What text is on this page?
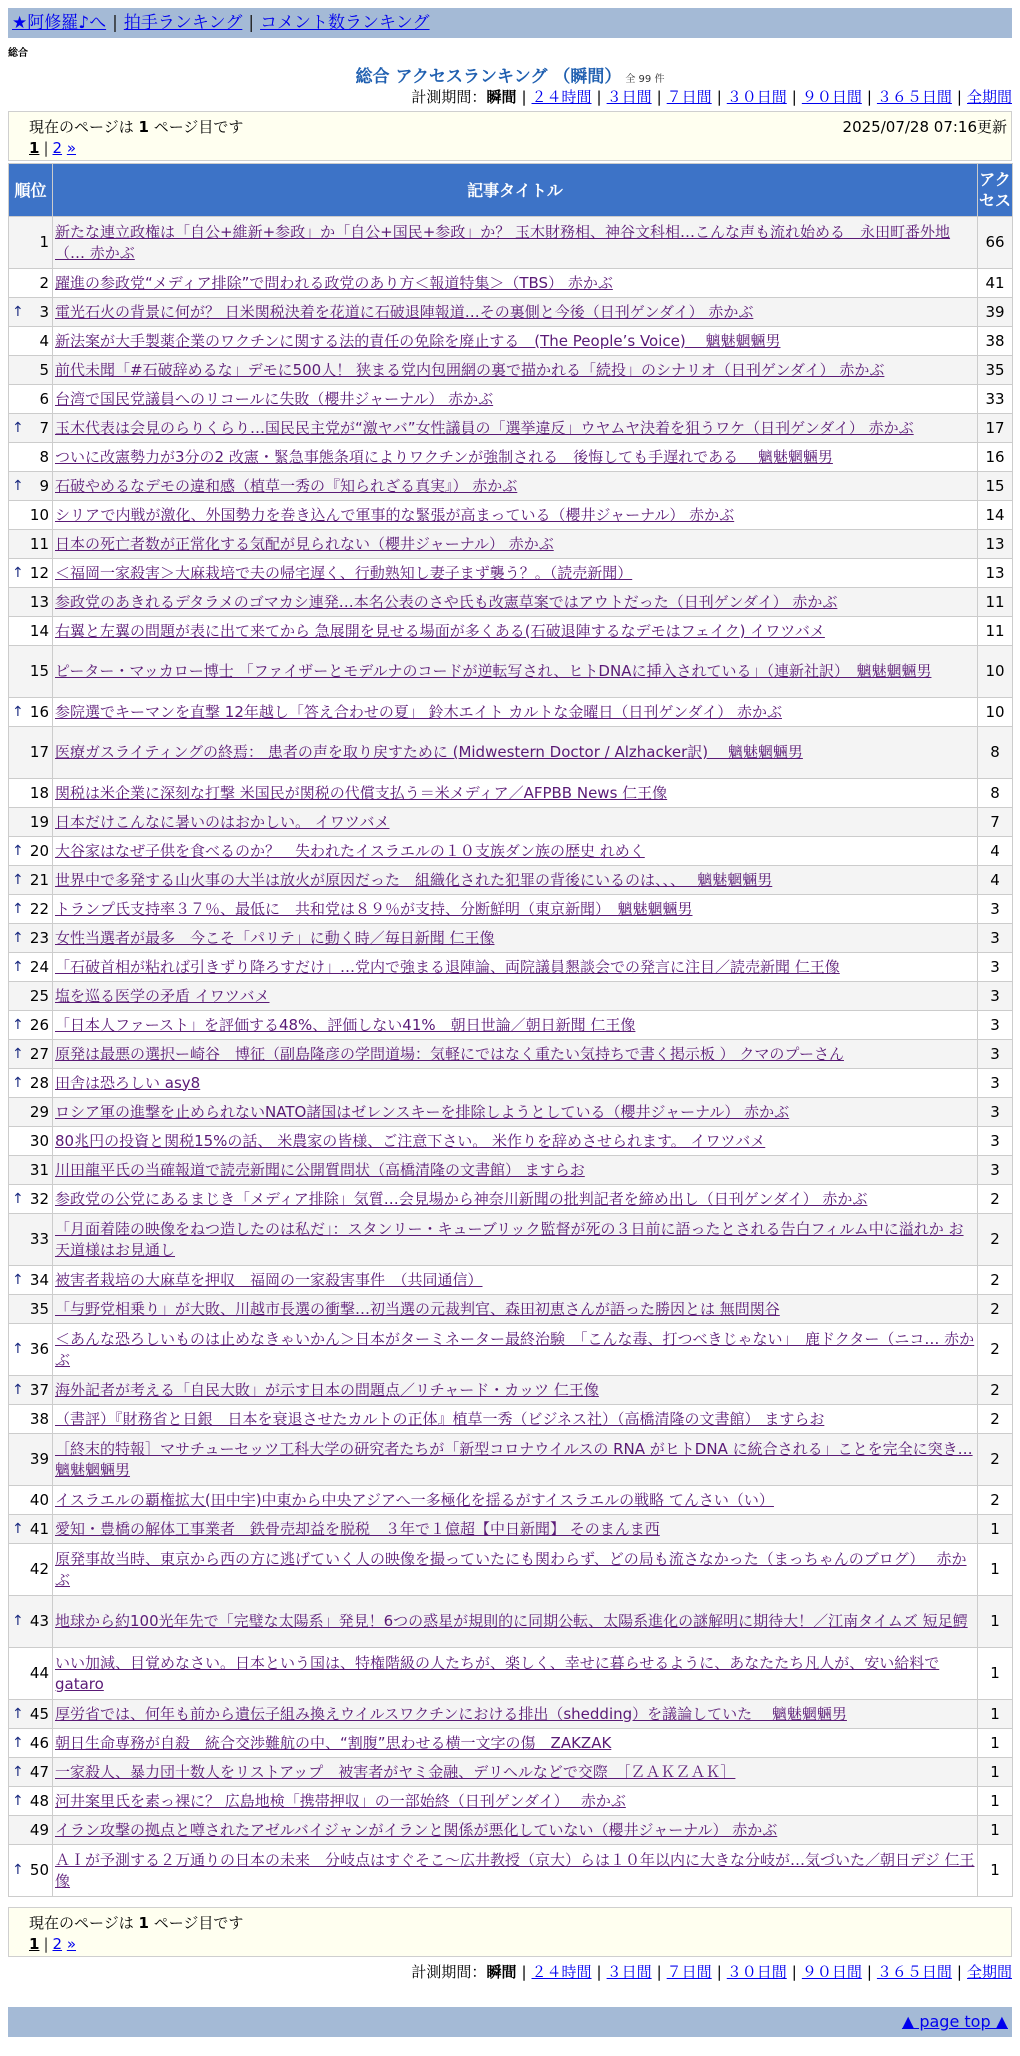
★阿修羅♪へ | 拍手ランキング | コメント数ランキング
総合
総合 アクセスランキング （瞬間） 全 99 件
計測期間：瞬間 | ２４時間 | ３日間 | ７日間 | ３０日間 | ９０日間 | ３６５日間 | 全期間
現在のページは 1 ページ目です	2025/07/28 07:16更新
1 | 2 »
順位	記事タイトル	アクセス
1	新たな連立政権は「自公+維新+参政」か「自公+国民+参政」か？ 玉木財務相、神谷文科相…こんな声も流れ始める　永田町番外地（… 赤かぶ	66
2	躍進の参政党“メディア排除”で問われる政党のあり方＜報道特集＞（TBS） 赤かぶ	41

↑ 3	電光石火の背景に何が？ 日米関税決着を花道に石破退陣報道…その裏側と今後（日刊ゲンダイ） 赤かぶ	39
4	新法案が大手製薬企業のワクチンに関する法的責任の免除を廃止する　(The People’s Voice)　 魑魅魍魎男	38
5	前代未聞「#石破辞めるな」デモに500人！ 狭まる党内包囲網の裏で描かれる「続投」のシナリオ（日刊ゲンダイ） 赤かぶ	35
6	台湾で国民党議員へのリコールに失敗（櫻井ジャーナル） 赤かぶ	33

↑ 7	玉木代表は会見のらりくらり…国民民主党が“激ヤバ”女性議員の「選挙違反」ウヤムヤ決着を狙うワケ（日刊ゲンダイ） 赤かぶ	17
8	ついに改憲勢力が3分の2 改憲・緊急事態条項によりワクチンが強制される　後悔しても手遅れである　 魑魅魍魎男	16

↑ 9	石破やめるなデモの違和感（植草一秀の『知られざる真実』） 赤かぶ	15
10	シリアで内戦が激化、外国勢力を巻き込んで軍事的な緊張が高まっている（櫻井ジャーナル） 赤かぶ	14
11	日本の死亡者数が正常化する気配が見られない（櫻井ジャーナル） 赤かぶ	13

↑ 12	＜福岡一家殺害＞大麻栽培で夫の帰宅遅く、行動熟知し妻子まず襲う？。（読売新聞）	13
13	参政党のあきれるデタラメのゴマカシ連発…本名公表のさや氏も改憲草案ではアウトだった（日刊ゲンダイ） 赤かぶ	11
14	右翼と左翼の問題が表に出て来てから 急展開を見せる場面が多くある(石破退陣するなデモはフェイク) イワツバメ	11
15	ピーター・マッカロー博士 「ファイザーとモデルナのコードが逆転写され、ヒトDNAに挿入されている」（連新社訳）　魑魅魍魎男	10

↑ 16	参院選でキーマンを直撃 12年越し「答え合わせの夏」 鈴木エイト カルトな金曜日（日刊ゲンダイ） 赤かぶ	10
17	医療ガスライティングの終焉： 患者の声を取り戻すために (Midwestern Doctor / Alzhacker訳)　 魑魅魍魎男	8
18	関税は米企業に深刻な打撃 米国民が関税の代償支払う＝米メディア／AFPBB News 仁王像	8
19	日本だけこんなに暑いのはおかしい。 イワツバメ	7

↑ 20	大谷家はなぜ子供を食べるのか？　失われたイスラエルの１０支族ダン族の歴史 れめく	4

↑ 21	世界中で多発する山火事の大半は放火が原因だった　組織化された犯罪の背後にいるのは、、、　 魑魅魍魎男	4

↑ 22	トランプ氏支持率３７％、最低に　共和党は８９％が支持、分断鮮明（東京新聞）　魑魅魍魎男	3

↑ 23	女性当選者が最多　今こそ「パリテ」に動く時／毎日新聞 仁王像	3

↑ 24	「石破首相が粘れば引きずり降ろすだけ」…党内で強まる退陣論、両院議員懇談会での発言に注目／読売新聞 仁王像	3
25	塩を巡る医学の矛盾 イワツバメ	3

↑ 26	「日本人ファースト」を評価する48%、評価しない41%　朝日世論／朝日新聞 仁王像	3

↑ 27	原発は最悪の選択ー崎谷　博征（副島隆彦の学問道場：気軽にではなく重たい気持ちで書く掲示板 ） クマのプーさん	3

↑ 28	田舎は恐ろしい asy8	3
29	ロシア軍の進撃を止められないNATO諸国はゼレンスキーを排除しようとしている（櫻井ジャーナル） 赤かぶ	3
30	80兆円の投資と関税15%の話、 米農家の皆様、ご注意下さい。 米作りを辞めさせられます。 イワツバメ	3
31	川田龍平氏の当確報道で読売新聞に公開質問状（高橋清隆の文書館） ますらお	3

↑ 32	参政党の公党にあるまじき「メディア排除」気質…会見場から神奈川新聞の批判記者を締め出し（日刊ゲンダイ） 赤かぶ	2
33	「月面着陸の映像をねつ造したのは私だ」：スタンリー・キューブリック監督が死の３日前に語ったとされる告白フィルム中に溢れか お天道様はお見通し	2

↑ 34	被害者栽培の大麻草を押収　福岡の一家殺害事件　（共同通信）	2
35	「与野党相乗り」が大敗、川越市長選の衝撃…初当選の元裁判官、森田初恵さんが語った勝因とは 無問関谷	2

↑ 36	＜あんな恐ろしいものは止めなきゃいかん＞日本がターミネーター最終治験　「こんな毒、打つべきじゃない」　鹿ドクター（ニコ… 赤かぶ	2

↑ 37	海外記者が考える「自民大敗」が示す日本の問題点／リチャード・カッツ 仁王像	2
38	（書評）『財務省と日銀　日本を衰退させたカルトの正体』植草一秀（ビジネス社）（高橋清隆の文書館） ますらお	2
39	［終末的特報］マサチューセッツ工科大学の研究者たちが「新型コロナウイルスの RNA がヒトDNA に統合される」ことを完全に突き… 魑魅魍魎男	2
40	イスラエルの覇権拡大(田中宇)中東から中央アジアへ一多極化を揺るがすイスラエルの戦略 てんさい（い）	2

↑ 41	愛知・豊橋の解体工事業者　鉄骨売却益を脱税　３年で１億超【中日新聞】 そのまんま西	1
42	原発事故当時、東京から西の方に逃げていく人の映像を撮っていたにも関わらず、どの局も流さなかった（まっちゃんのブログ）　 赤かぶ	1

↑ 43	地球から約100光年先で「完璧な太陽系」発見！6つの惑星が規則的に同期公転、太陽系進化の謎解明に期待大！／江南タイムズ 短足鰐	1
44	いい加減、目覚めなさい。日本という国は、特権階級の人たちが、楽しく、幸せに暮らせるように、あなたたち凡人が、安い給料で gataro	1

↑ 45	厚労省では、何年も前から遺伝子組み換えウイルスワクチンにおける排出（shedding）を議論していた　 魑魅魍魎男	1

↑ 46	朝日生命専務が自殺　統合交渉難航の中、“割腹”思わせる横一文字の傷　ZAKZAK	1

↑ 47	一家殺人、暴力団十数人をリストアップ　被害者がヤミ金融、デリヘルなどで交際　［ＺＡＫＺＡＫ］	1

↑ 48	河井案里氏を素っ裸に？ 広島地検「携帯押収」の一部始終（日刊ゲンダイ）　 赤かぶ	1
49	イラン攻撃の拠点と噂されたアゼルバイジャンがイランと関係が悪化していない（櫻井ジャーナル） 赤かぶ	1

↑ 50	ＡＩが予測する２万通りの日本の未来　分岐点はすぐそこ～広井教授（京大）らは１０年以内に大きな分岐が…気づいた／朝日デジ 仁王像	1
現在のページは 1 ページ目です
1 | 2 »
計測期間：瞬間 | ２４時間 | ３日間 | ７日間 | ３０日間 | ９０日間 | ３６５日間 | 全期間
▲ page top ▲
